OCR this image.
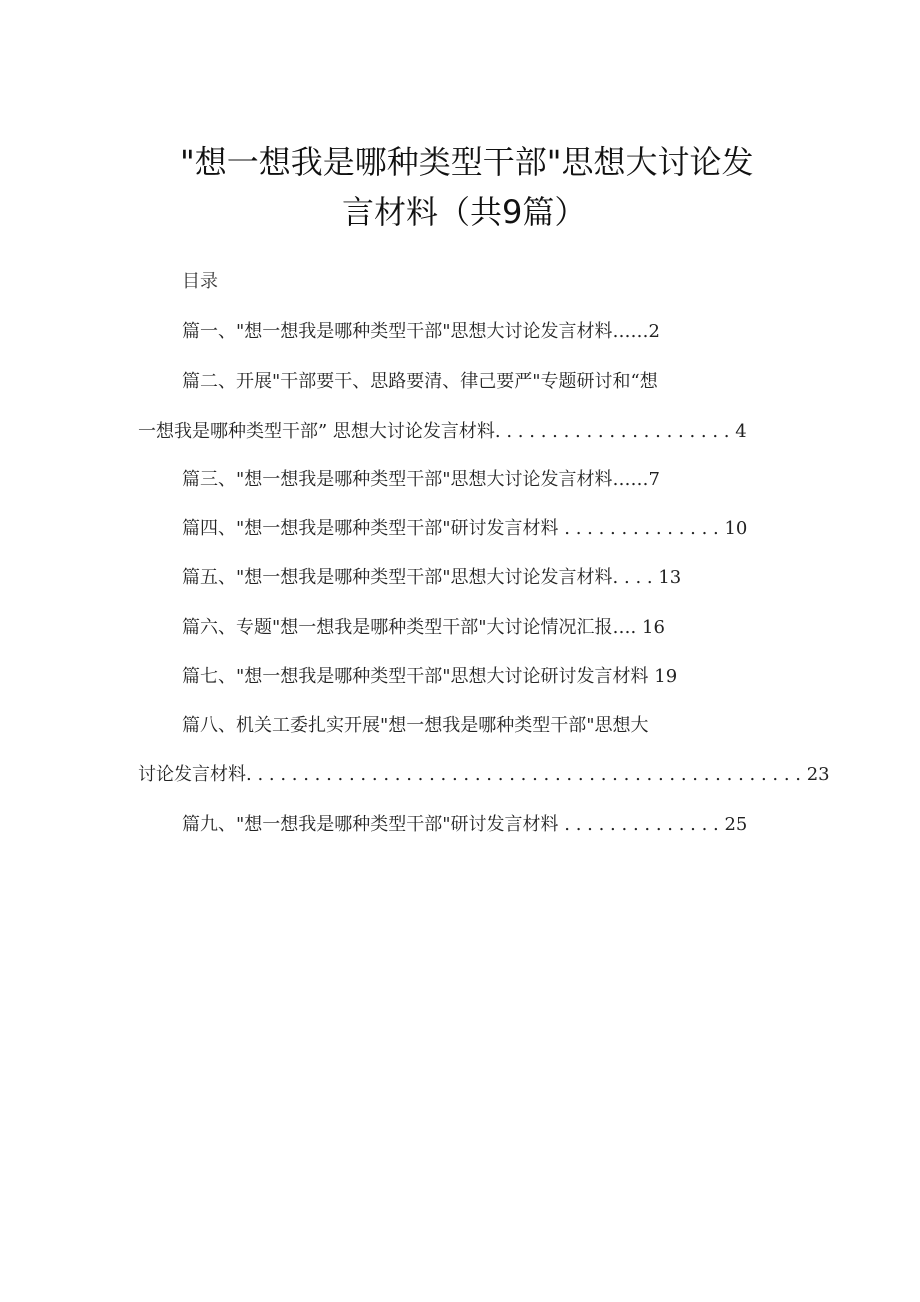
"想一想我是哪种类型干部"思想大讨论发
言材料（共9篇）
目录
篇一、"想一想我是哪种类型干部"思想大讨论发言材料……2
篇二、开展"干部要干、思路要清、律己要严"专题研讨和“想
一想我是哪种类型干部” 思想大讨论发言材料. . . . . . . . . . . . . . . . . . . . . 4
篇三、"想一想我是哪种类型干部"思想大讨论发言材料……7
篇四、"想一想我是哪种类型干部"研讨发言材料 . . . . . . . . . . . . . . 10
篇五、"想一想我是哪种类型干部"思想大讨论发言材料. . . . 13
篇六、专题"想一想我是哪种类型干部"大讨论情况汇报…. 16
篇七、"想一想我是哪种类型干部"思想大讨论研讨发言材料 19
篇八、机关工委扎实开展"想一想我是哪种类型干部"思想大
讨论发言材料. . . . . . . . . . . . . . . . . . . . . . . . . . . . . . . . . . . . . . . . . . . . . . . . . 23
篇九、"想一想我是哪种类型干部"研讨发言材料 . . . . . . . . . . . . . . 25
